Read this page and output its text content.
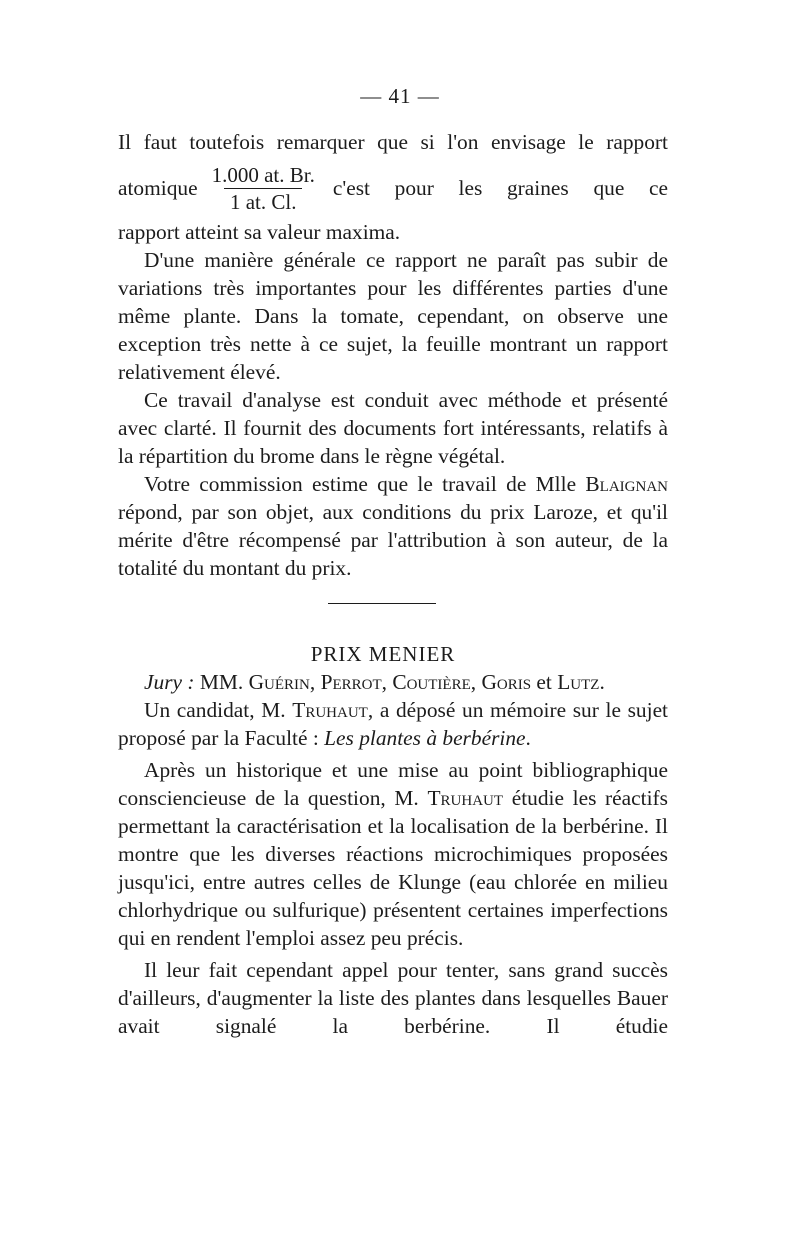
— 41 —

Il faut toutefois remarquer que si l'on envisage le rapport

atomique $\frac{1.000 at. Br.}{1 at. Cl.} c'est$ pour les graines que ce

rapport atteint sa valeur maxima.

D'une manière générale ce rapport ne paraît pas subir de variations très importantes pour les différentes parties d'une même plante. Dans la tomate, cependant, on observe une exception très nette à ce sujet, la feuille montrant un rapport relativement élevé.

Ce travail d'analyse est conduit avec méthode et présenté avec clarté. Il fournit des documents fort intéressants, relatifs à la répartition du brome dans le règne végétal.

Votre commission estime que le travail de Mlle Blaignan répond, par son objet, aux conditions du prix Laroze, et qu'il mérite d'être récompensé par l'attribution à son auteur, de la totalité du montant du prix.

PRIX MENIER

Jury : MM. Guérin, Perrot, Coutière, Goris et Lutz.

Un candidat, M. Truhaut, a déposé un mémoire sur le sujet proposé par la Faculté : Les plantes à berbérine.

Après un historique et une mise au point bibliographique consciencieuse de la question, M. Truhaut étudie les réactifs permettant la caractérisation et la localisation de la berbérine. Il montre que les diverses réactions microchimiques proposées jusqu'ici, entre autres celles de Klunge (eau chlorée en milieu chlorhydrique ou sulfurique) présentent certaines imperfections qui en rendent l'emploi assez peu précis.

Il leur fait cependant appel pour tenter, sans grand succès d'ailleurs, d'augmenter la liste des plantes dans lesquelles Bauer avait signalé la berbérine. Il étudie
